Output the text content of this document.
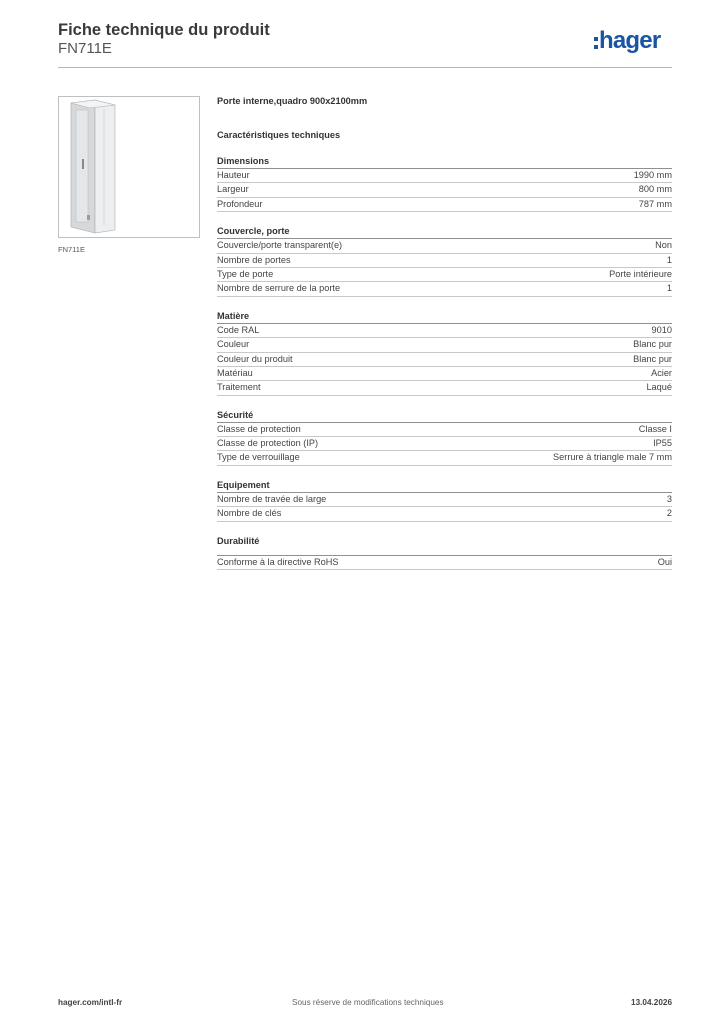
Fiche technique du produit
FN711E	hager
FN711E
Porte interne,quadro 900x2100mm
Caractéristiques techniques
Dimensions
Hauteur	1990 mm
Largeur	800 mm
Profondeur	787 mm
Couvercle, porte
Couvercle/porte transparent(e)	Non
Nombre de portes	1
Type de porte	Porte intérieure
Nombre de serrure de la porte	1
Matière
Code RAL	9010
Couleur	Blanc pur
Couleur du produit	Blanc pur
Matériau	Acier
Traitement	Laqué
Sécurité
Classe de protection	Classe I
Classe de protection (IP)	IP55
Type de verrouillage	Serrure à triangle male 7 mm
Equipement
Nombre de travée de large	3
Nombre de clés	2
Durabilité
Conforme à la directive RoHS	Oui
hager.com/intl-fr	Sous réserve de modifications techniques	13.04.2026
